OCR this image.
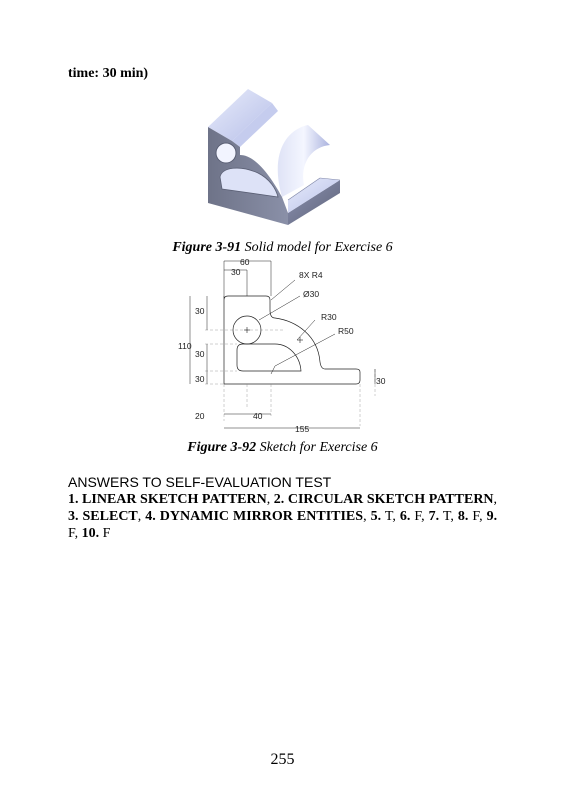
time: 30 min)
Figure 3-91 Solid model for Exercise 6
60
30	8X R4
Ø30
R30
R50
30
110
30
30	30
20	40
155
Figure 3-92 Sketch for Exercise 6
ANSWERS TO SELF-EVALUATION TEST
1. LINEAR SKETCH PATTERN, 2. CIRCULAR SKETCH PATTERN, 3. SELECT, 4. DYNAMIC MIRROR ENTITIES, 5. T, 6. F, 7. T, 8. F, 9. F, 10. F
255
